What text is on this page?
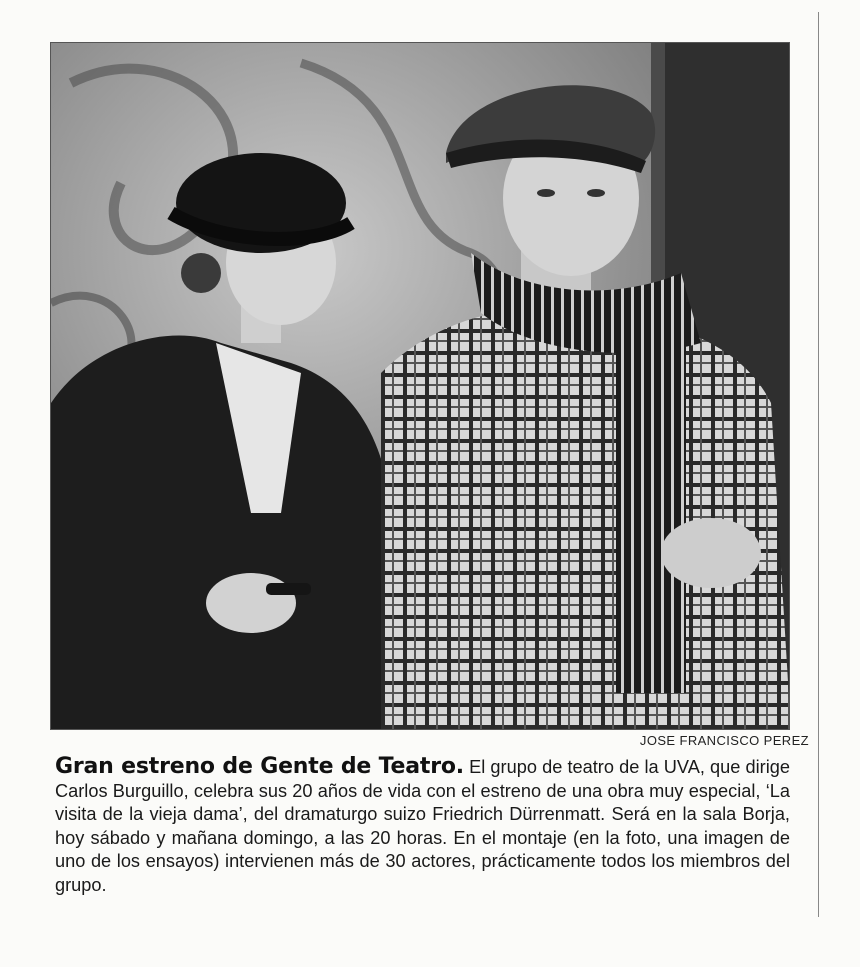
JOSE FRANCISCO PEREZ

Gran estreno de Gente de Teatro. El grupo de teatro de la UVA, que dirige Carlos Burguillo, celebra sus 20 años de vida con el estreno de una obra muy especial, ‘La visita de la vieja dama’, del dramaturgo suizo Friedrich Dürrenmatt. Será en la sala Borja, hoy sábado y mañana domingo, a las 20 horas. En el montaje (en la foto, una imagen de uno de los ensayos) intervienen más de 30 actores, prácticamente todos los miembros del grupo.
